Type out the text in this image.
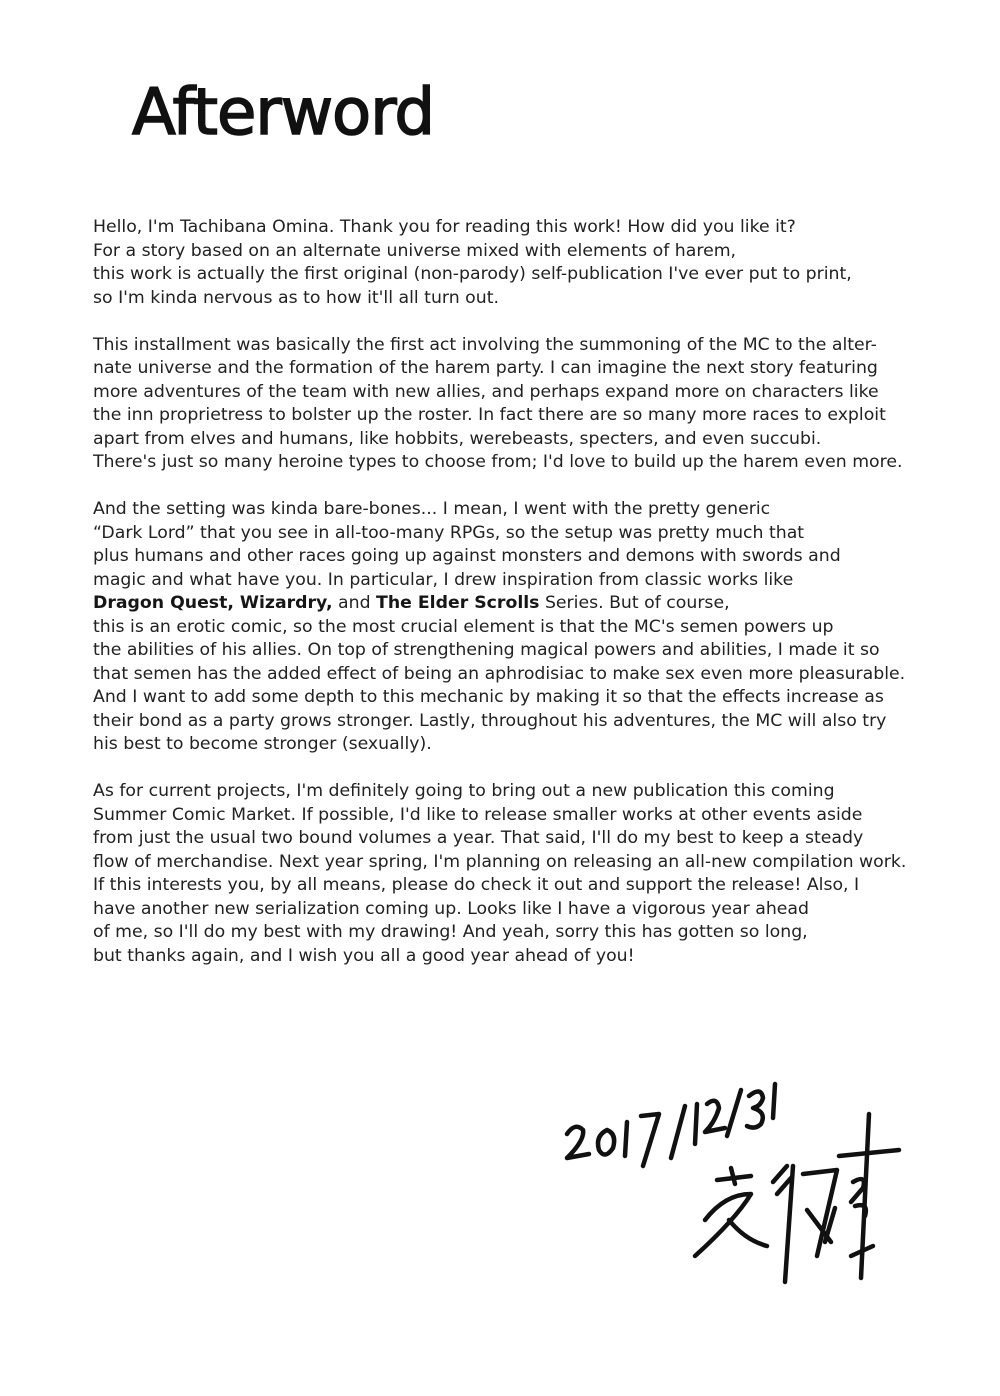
Afterword

Hello, I'm Tachibana Omina. Thank you for reading this work! How did you like it?
For a story based on an alternate universe mixed with elements of harem,
this work is actually the first original (non-parody) self-publication I've ever put to print,
so I'm kinda nervous as to how it'll all turn out.

This installment was basically the first act involving the summoning of the MC to the alter-
nate universe and the formation of the harem party. I can imagine the next story featuring
more adventures of the team with new allies, and perhaps expand more on characters like
the inn proprietress to bolster up the roster. In fact there are so many more races to exploit
apart from elves and humans, like hobbits, werebeasts, specters, and even succubi.
There's just so many heroine types to choose from; I'd love to build up the harem even more.

And the setting was kinda bare-bones... I mean, I went with the pretty generic
“Dark Lord” that you see in all-too-many RPGs, so the setup was pretty much that
plus humans and other races going up against monsters and demons with swords and
magic and what have you. In particular, I drew inspiration from classic works like
Dragon Quest, Wizardry, and The Elder Scrolls Series. But of course,
this is an erotic comic, so the most crucial element is that the MC's semen powers up
the abilities of his allies. On top of strengthening magical powers and abilities, I made it so
that semen has the added effect of being an aphrodisiac to make sex even more pleasurable.
And I want to add some depth to this mechanic by making it so that the effects increase as
their bond as a party grows stronger. Lastly, throughout his adventures, the MC will also try
his best to become stronger (sexually).

As for current projects, I'm definitely going to bring out a new publication this coming
Summer Comic Market. If possible, I'd like to release smaller works at other events aside
from just the usual two bound volumes a year. That said, I'll do my best to keep a steady
flow of merchandise. Next year spring, I'm planning on releasing an all-new compilation work.
If this interests you, by all means, please do check it out and support the release! Also, I
have another new serialization coming up. Looks like I have a vigorous year ahead
of me, so I'll do my best with my drawing! And yeah, sorry this has gotten so long,
but thanks again, and I wish you all a good year ahead of you!
